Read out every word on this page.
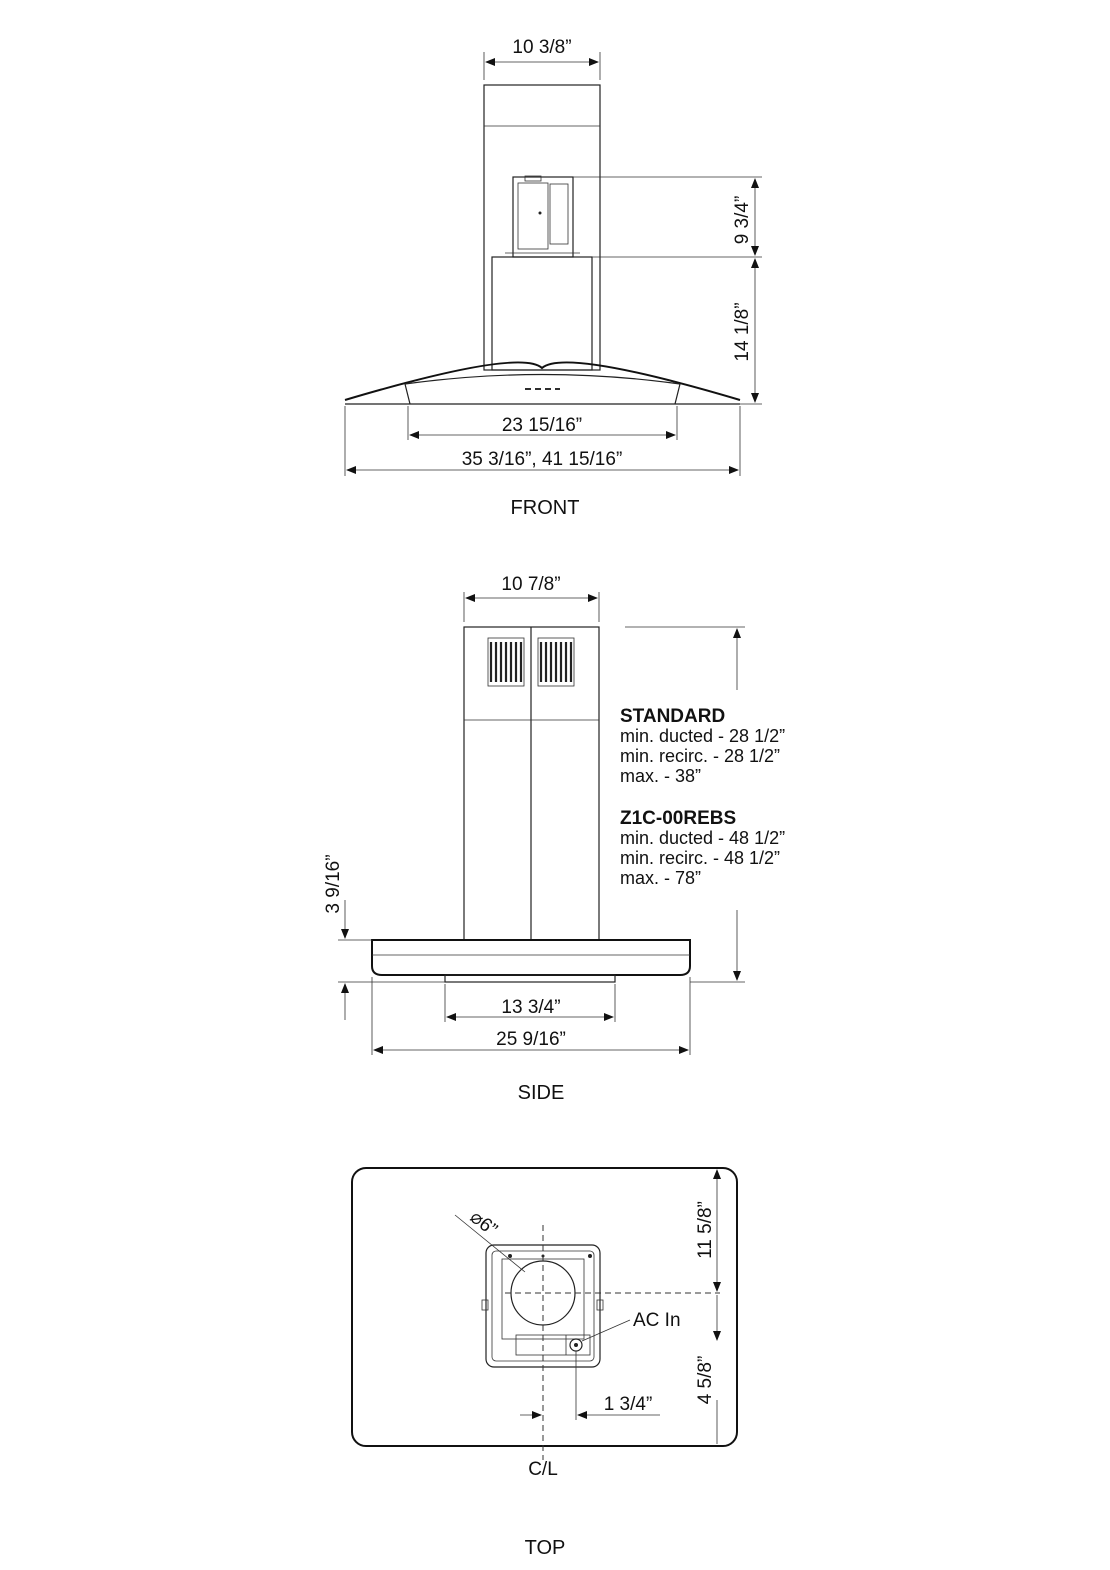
10 3/8”
9 3/4”
14 1/8”
23 15/16”
35 3/16”, 41 15/16”
FRONT
10 7/8”
STANDARD
min. ducted - 28 1/2”
min. recirc. - 28 1/2”
max. - 38”
Z1C-00REBS
min. ducted - 48 1/2”
min. recirc. - 48 1/2”
max. - 78”
3 9/16”
13 3/4”
25 9/16”
SIDE
⌀6”
AC In
11 5/8”
4 5/8”
1 3/4”
C/L
TOP
